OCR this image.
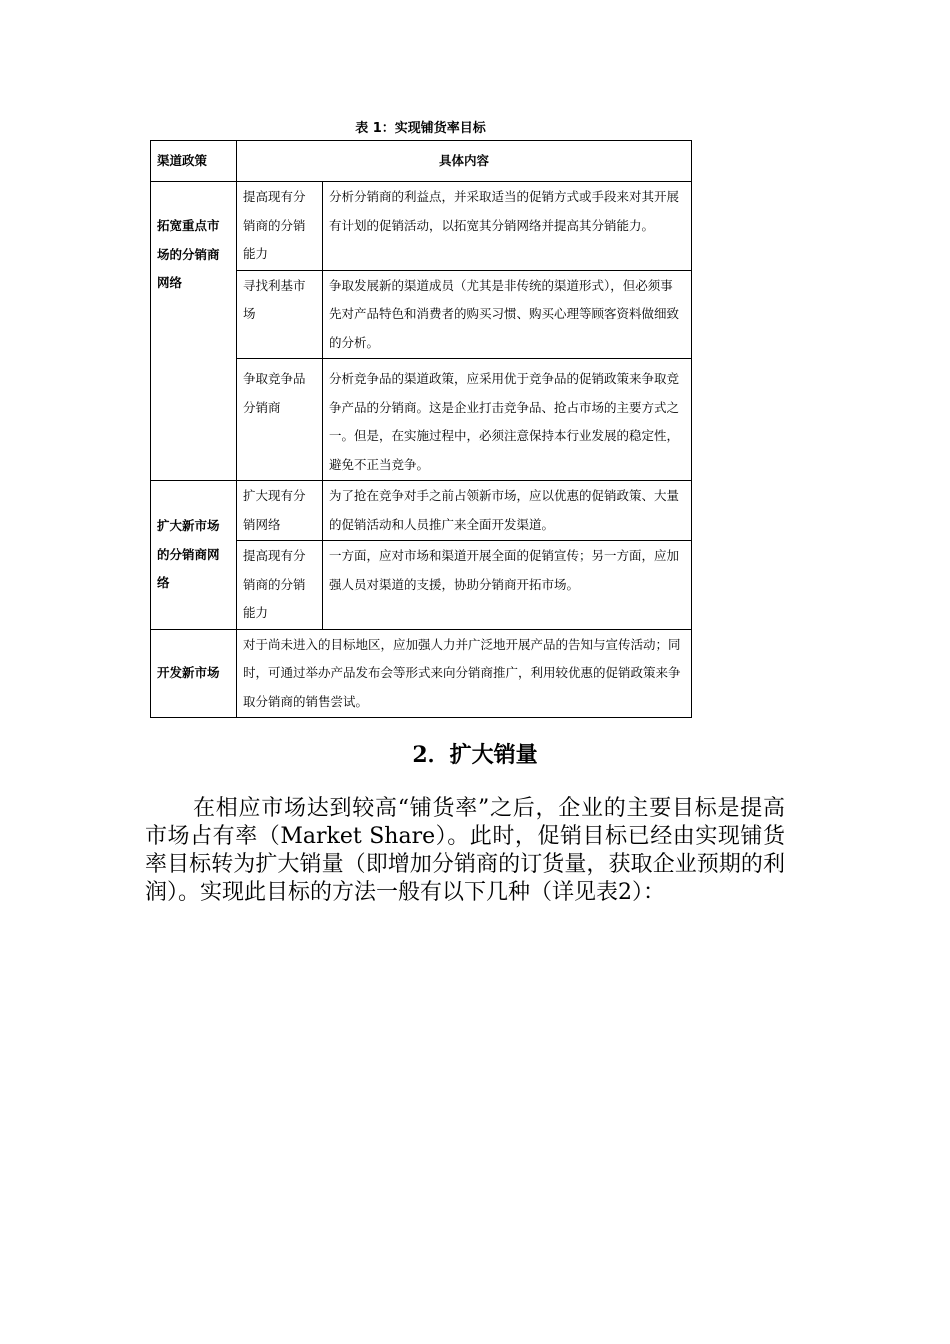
表 1：实现铺货率目标
渠道政策	具体内容	
拓宽重点市场的分销商网络	提高现有分销商的分销能力	分析分销商的利益点，并采取适当的促销方式或手段来对其开展有计划的促销活动，以拓宽其分销网络并提高其分销能力。
	寻找利基市场	争取发展新的渠道成员（尤其是非传统的渠道形式），但必须事先对产品特色和消费者的购买习惯、购买心理等顾客资料做细致的分析。
	争取竞争品分销商	分析竞争品的渠道政策，应采用优于竞争品的促销政策来争取竞争产品的分销商。这是企业打击竞争品、抢占市场的主要方式之一。但是，在实施过程中，必须注意保持本行业发展的稳定性，避免不正当竞争。
扩大新市场的分销商网络	扩大现有分销网络	为了抢在竞争对手之前占领新市场，应以优惠的促销政策、大量的促销活动和人员推广来全面开发渠道。
	提高现有分销商的分销能力	一方面，应对市场和渠道开展全面的促销宣传；另一方面，应加强人员对渠道的支援，协助分销商开拓市场。
开发新市场	对于尚未进入的目标地区，应加强人力并广泛地开展产品的告知与宣传活动；同时，可通过举办产品发布会等形式来向分销商推广，利用较优惠的促销政策来争取分销商的销售尝试。	
2．扩大销量

在相应市场达到较高“铺货率”之后，企业的主要目标是提高市场占有率（Market Share）。此时，促销目标已经由实现铺货率目标转为扩大销量（即增加分销商的订货量，获取企业预期的利润）。实现此目标的方法一般有以下几种（详见表2）：
